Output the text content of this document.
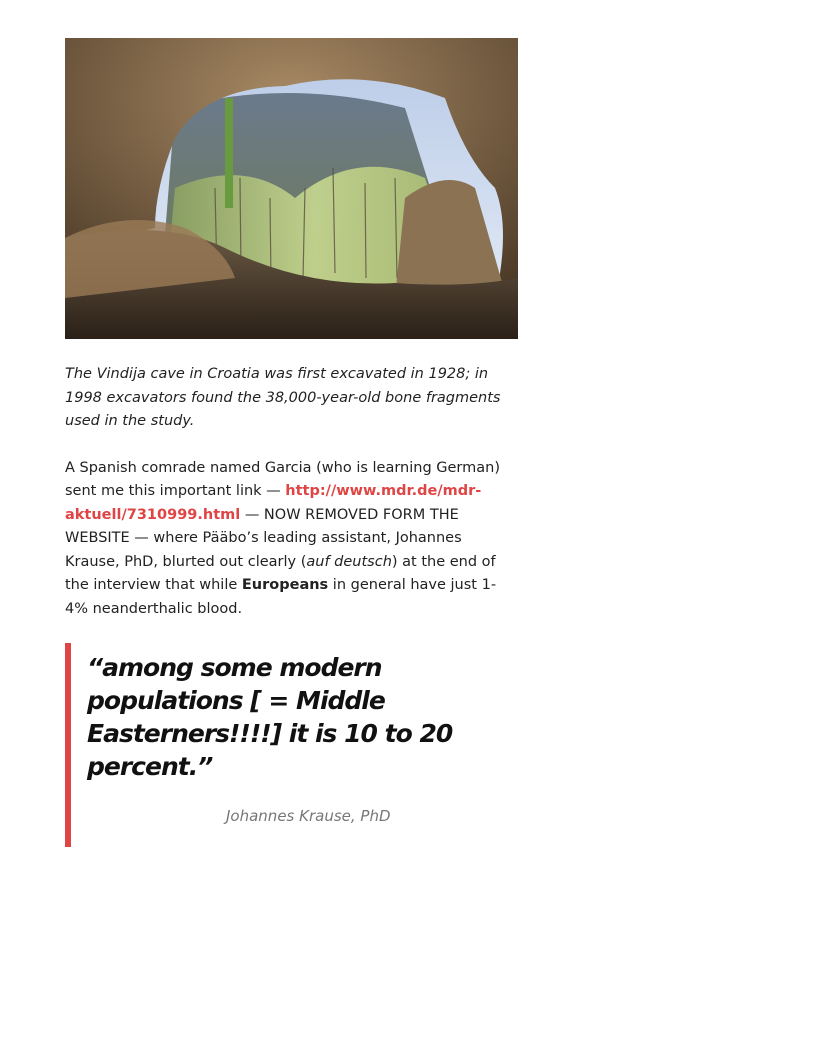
The Vindija cave in Croatia was first excavated in 1928; in 1998 excavators found the 38,000-year-old bone fragments used in the study.

A Spanish comrade named Garcia (who is learning German) sent me this important link — http://www.mdr.de/mdr-aktuell/7310999.html — NOW REMOVED FORM THE WEBSITE — where Pääbo’s leading assistant, Johannes Krause, PhD, blurted out clearly (auf deutsch) at the end of the interview that while Europeans in general have just 1-4% neanderthalic blood.

“among some modern populations [ = Middle Easterners!!!!] it is 10 to 20 percent.”

Johannes Krause, PhD
